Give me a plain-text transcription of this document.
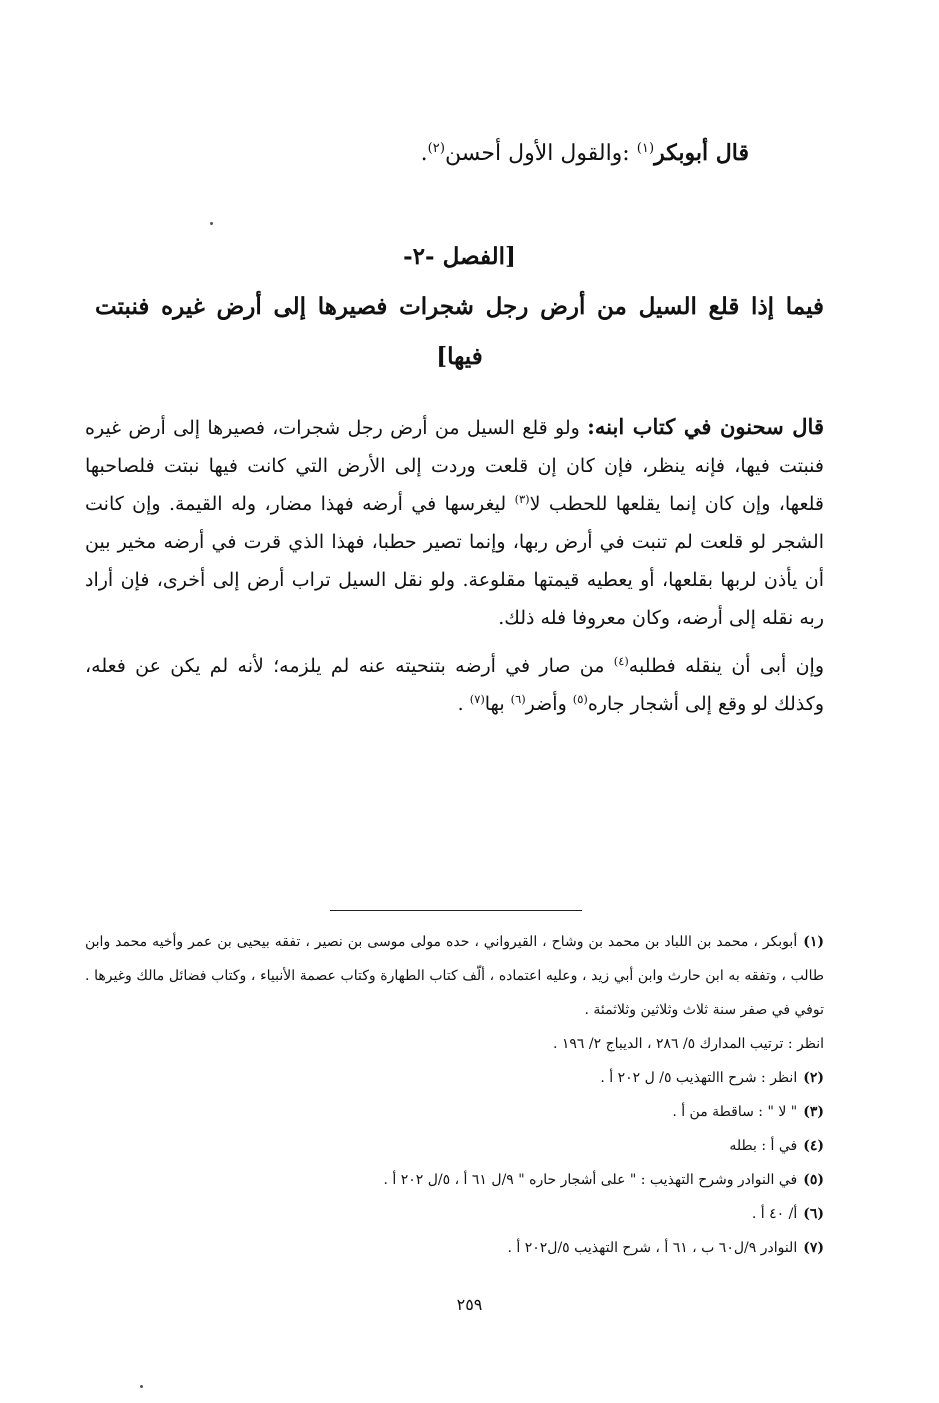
قال أبوبكر$^{(١)}$ :والقول الأول أحسن$^{(٢)}$.
[الفصل -٢-
فيما إذا قلع السيل من أرض رجل شجرات فصيرها إلى أرض غيره فنبتت فيها]

قال سحنون في كتاب ابنه: ولو قلع السيل من أرض رجل شجرات، فصيرها إلى أرض غيره فنبتت فيها، فإنه ينظر، فإن كان إن قلعت وردت إلى الأرض التي كانت فيها نبتت فلصاحبها قلعها، وإن كان إنما يقلعها للحطب لا$^{(٣)}$ ليغرسها في أرضه فهذا مضار، وله القيمة. وإن كانت الشجر لو قلعت لم تنبت في أرض ربها، وإنما تصير حطبا، فهذا الذي قرت في أرضه مخير بين أن يأذن لربها بقلعها، أو يعطيه قيمتها مقلوعة. ولو نقل السيل تراب أرض إلى أخرى، فإن أراد ربه نقله إلى أرضه، وكان معروفا فله ذلك.

وإن أبى أن ينقله فطلبه$^{(٤)}$ من صار في أرضه بتنحيته عنه لم يلزمه؛ لأنه لم يكن عن فعله، وكذلك لو وقع إلى أشجار جاره$^{(٥)}$ وأضر$^{(٦)}$ بها$^{(٧)}$ .

(١)أبوبكر ، محمد بن اللباد بن محمد بن وشاح ، القيرواني ، حده مولى موسى بن نصير ، تفقه بيحيى بن عمر وأخيه محمد وابن طالب ، وتفقه به ابن حارث وابن أبي زيد ، وعليه اعتماده ، ألّف كتاب الطهارة وكتاب عصمة الأنبياء ، وكتاب فضائل مالك وغيرها . توفي في صفر سنة ثلاث وثلاثين وثلاثمئة .

انظر : ترتيب المدارك ٥/ ٢٨٦ ، الديباج ٢/ ١٩٦ .

(٢)انظر : شرح االتهذيب ٥/ ل ٢٠٢ أ .

(٣)" لا " : ساقطة من أ .

(٤)في أ : بطله

(٥)في النوادر وشرح التهذيب : " على أشجار حاره " ٩/ل ٦١ أ ، ٥/ل ٢٠٢ أ .

(٦)أ/ ٤٠ أ .

(٧)النوادر ٩/ل٦٠ ب ، ٦١ أ ، شرح التهذيب ٥/ل٢٠٢ أ .

٢٥٩
